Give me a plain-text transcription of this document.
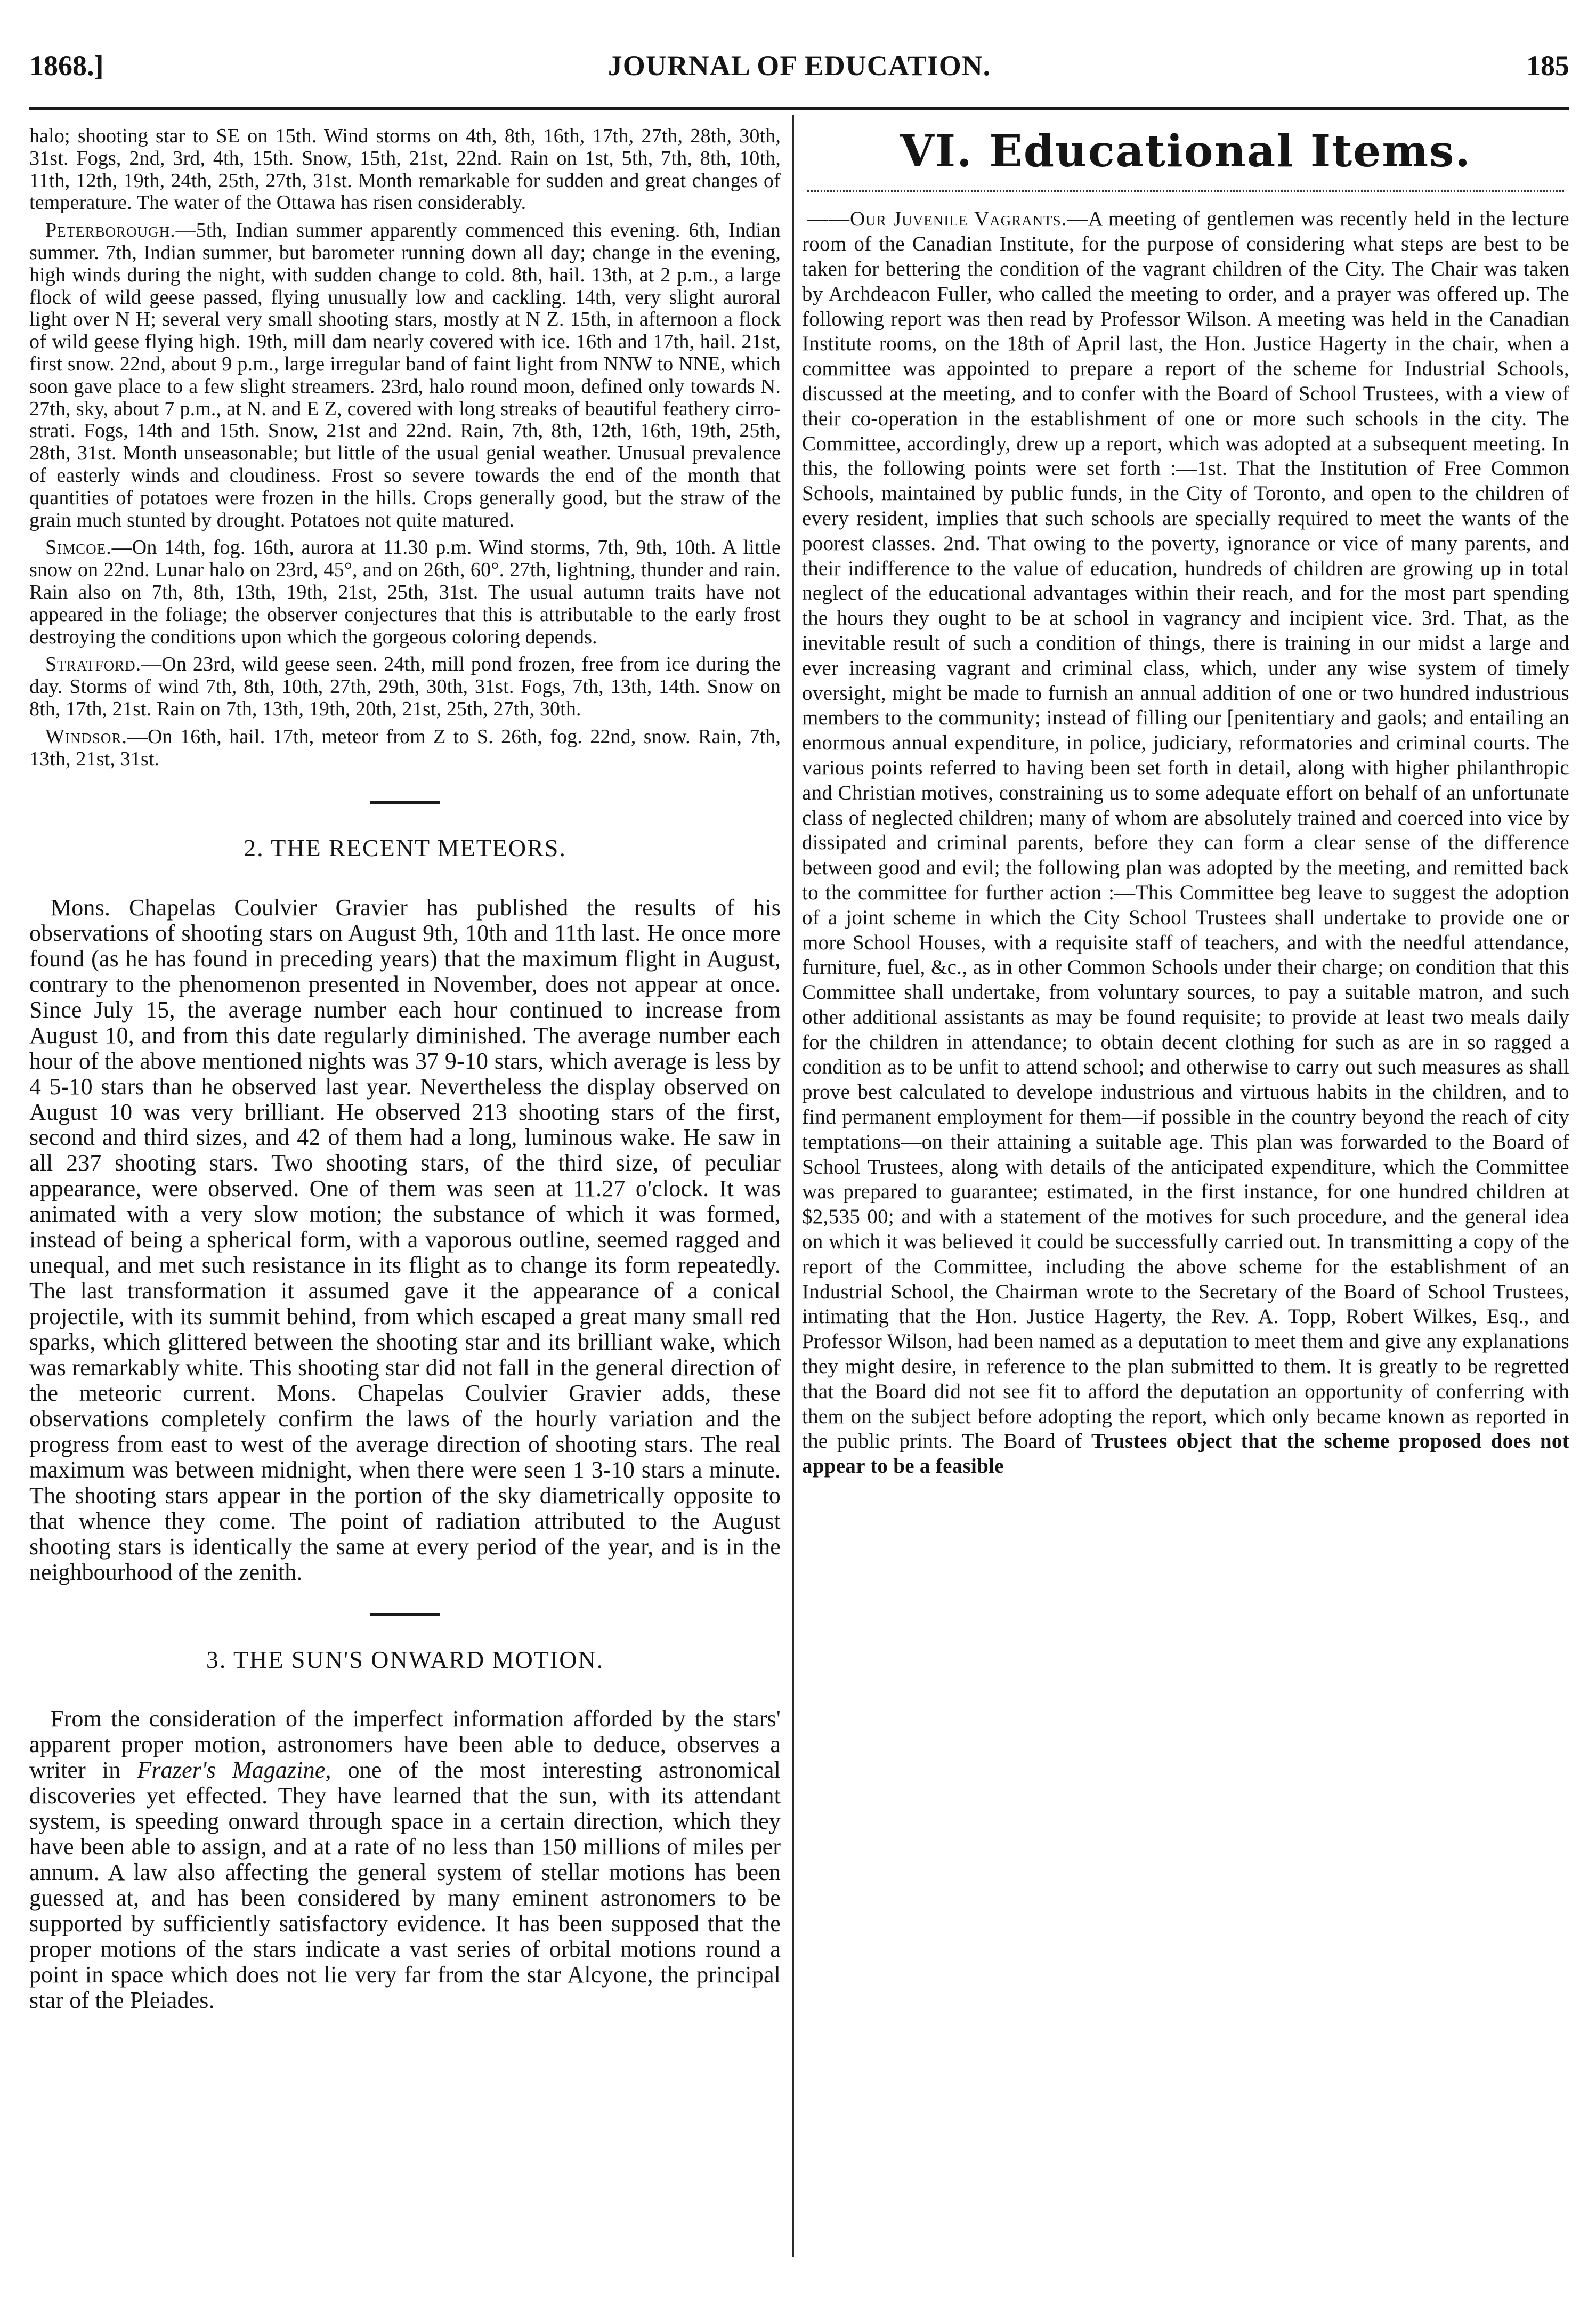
1868.]	JOURNAL OF EDUCATION.	185

halo; shooting star to SE on 15th. Wind storms on 4th, 8th, 16th, 17th, 27th, 28th, 30th, 31st. Fogs, 2nd, 3rd, 4th, 15th. Snow, 15th, 21st, 22nd. Rain on 1st, 5th, 7th, 8th, 10th, 11th, 12th, 19th, 24th, 25th, 27th, 31st. Month remarkable for sudden and great changes of temperature. The water of the Ottawa has risen considerably.

Peterborough.—5th, Indian summer apparently commenced this evening. 6th, Indian summer. 7th, Indian summer, but barometer running down all day; change in the evening, high winds during the night, with sudden change to cold. 8th, hail. 13th, at 2 p.m., a large flock of wild geese passed, flying unusually low and cackling. 14th, very slight auroral light over N H; several very small shooting stars, mostly at N Z. 15th, in afternoon a flock of wild geese flying high. 19th, mill dam nearly covered with ice. 16th and 17th, hail. 21st, first snow. 22nd, about 9 p.m., large irregular band of faint light from NNW to NNE, which soon gave place to a few slight streamers. 23rd, halo round moon, defined only towards N. 27th, sky, about 7 p.m., at N. and E Z, covered with long streaks of beautiful feathery cirro-strati. Fogs, 14th and 15th. Snow, 21st and 22nd. Rain, 7th, 8th, 12th, 16th, 19th, 25th, 28th, 31st. Month unseasonable; but little of the usual genial weather. Unusual prevalence of easterly winds and cloudiness. Frost so severe towards the end of the month that quantities of potatoes were frozen in the hills. Crops generally good, but the straw of the grain much stunted by drought. Potatoes not quite matured.

Simcoe.—On 14th, fog. 16th, aurora at 11.30 p.m. Wind storms, 7th, 9th, 10th. A little snow on 22nd. Lunar halo on 23rd, 45°, and on 26th, 60°. 27th, lightning, thunder and rain. Rain also on 7th, 8th, 13th, 19th, 21st, 25th, 31st. The usual autumn traits have not appeared in the foliage; the observer conjectures that this is attributable to the early frost destroying the conditions upon which the gorgeous coloring depends.

Stratford.—On 23rd, wild geese seen. 24th, mill pond frozen, free from ice during the day. Storms of wind 7th, 8th, 10th, 27th, 29th, 30th, 31st. Fogs, 7th, 13th, 14th. Snow on 8th, 17th, 21st. Rain on 7th, 13th, 19th, 20th, 21st, 25th, 27th, 30th.

Windsor.—On 16th, hail. 17th, meteor from Z to S. 26th, fog. 22nd, snow. Rain, 7th, 13th, 21st, 31st.

2. THE RECENT METEORS.

Mons. Chapelas Coulvier Gravier has published the results of his observations of shooting stars on August 9th, 10th and 11th last. He once more found (as he has found in preceding years) that the maximum flight in August, contrary to the phenomenon presented in November, does not appear at once. Since July 15, the average number each hour continued to increase from August 10, and from this date regularly diminished. The average number each hour of the above mentioned nights was 37 9-10 stars, which average is less by 4 5-10 stars than he observed last year. Nevertheless the display observed on August 10 was very brilliant. He observed 213 shooting stars of the first, second and third sizes, and 42 of them had a long, luminous wake. He saw in all 237 shooting stars. Two shooting stars, of the third size, of peculiar appearance, were observed. One of them was seen at 11.27 o'clock. It was animated with a very slow motion; the substance of which it was formed, instead of being a spherical form, with a vaporous outline, seemed ragged and unequal, and met such resistance in its flight as to change its form repeatedly. The last transformation it assumed gave it the appearance of a conical projectile, with its summit behind, from which escaped a great many small red sparks, which glittered between the shooting star and its brilliant wake, which was remarkably white. This shooting star did not fall in the general direction of the meteoric current. Mons. Chapelas Coulvier Gravier adds, these observations completely confirm the laws of the hourly variation and the progress from east to west of the average direction of shooting stars. The real maximum was between midnight, when there were seen 1 3-10 stars a minute. The shooting stars appear in the portion of the sky diametrically opposite to that whence they come. The point of radiation attributed to the August shooting stars is identically the same at every period of the year, and is in the neighbourhood of the zenith.

3. THE SUN'S ONWARD MOTION.

From the consideration of the imperfect information afforded by the stars' apparent proper motion, astronomers have been able to deduce, observes a writer in Frazer's Magazine, one of the most interesting astronomical discoveries yet effected. They have learned that the sun, with its attendant system, is speeding onward through space in a certain direction, which they have been able to assign, and at a rate of no less than 150 millions of miles per annum. A law also affecting the general system of stellar motions has been guessed at, and has been considered by many eminent astronomers to be supported by sufficiently satisfactory evidence. It has been supposed that the proper motions of the stars indicate a vast series of orbital motions round a point in space which does not lie very far from the star Alcyone, the principal star of the Pleiades.

VI. Educational Items.

——Our Juvenile Vagrants.—A meeting of gentlemen was recently held in the lecture room of the Canadian Institute, for the purpose of considering what steps are best to be taken for bettering the condition of the vagrant children of the City. The Chair was taken by Archdeacon Fuller, who called the meeting to order, and a prayer was offered up. The following report was then read by Professor Wilson. A meeting was held in the Canadian Institute rooms, on the 18th of April last, the Hon. Justice Hagerty in the chair, when a committee was appointed to prepare a report of the scheme for Industrial Schools, discussed at the meeting, and to confer with the Board of School Trustees, with a view of their co-operation in the establishment of one or more such schools in the city. The Committee, accordingly, drew up a report, which was adopted at a subsequent meeting. In this, the following points were set forth :—1st. That the Institution of Free Common Schools, maintained by public funds, in the City of Toronto, and open to the children of every resident, implies that such schools are specially required to meet the wants of the poorest classes. 2nd. That owing to the poverty, ignorance or vice of many parents, and their indifference to the value of education, hundreds of children are growing up in total neglect of the educational advantages within their reach, and for the most part spending the hours they ought to be at school in vagrancy and incipient vice. 3rd. That, as the inevitable result of such a condition of things, there is training in our midst a large and ever increasing vagrant and criminal class, which, under any wise system of timely oversight, might be made to furnish an annual addition of one or two hundred industrious members to the community; instead of filling our [penitentiary and gaols; and entailing an enormous annual expenditure, in police, judiciary, reformatories and criminal courts. The various points referred to having been set forth in detail, along with higher philanthropic and Christian motives, constraining us to some adequate effort on behalf of an unfortunate class of neglected children; many of whom are absolutely trained and coerced into vice by dissipated and criminal parents, before they can form a clear sense of the difference between good and evil; the following plan was adopted by the meeting, and remitted back to the committee for further action :—This Committee beg leave to suggest the adoption of a joint scheme in which the City School Trustees shall undertake to provide one or more School Houses, with a requisite staff of teachers, and with the needful attendance, furniture, fuel, &c., as in other Common Schools under their charge; on condition that this Committee shall undertake, from voluntary sources, to pay a suitable matron, and such other additional assistants as may be found requisite; to provide at least two meals daily for the children in attendance; to obtain decent clothing for such as are in so ragged a condition as to be unfit to attend school; and otherwise to carry out such measures as shall prove best calculated to develope industrious and virtuous habits in the children, and to find permanent employment for them—if possible in the country beyond the reach of city temptations—on their attaining a suitable age. This plan was forwarded to the Board of School Trustees, along with details of the anticipated expenditure, which the Committee was prepared to guarantee; estimated, in the first instance, for one hundred children at $2,535 00; and with a statement of the motives for such procedure, and the general idea on which it was believed it could be successfully carried out. In transmitting a copy of the report of the Committee, including the above scheme for the establishment of an Industrial School, the Chairman wrote to the Secretary of the Board of School Trustees, intimating that the Hon. Justice Hagerty, the Rev. A. Topp, Robert Wilkes, Esq., and Professor Wilson, had been named as a deputation to meet them and give any explanations they might desire, in reference to the plan submitted to them. It is greatly to be regretted that the Board did not see fit to afford the deputation an opportunity of conferring with them on the subject before adopting the report, which only became known as reported in the public prints. The Board of Trustees object that the scheme proposed does not appear to be a feasible
